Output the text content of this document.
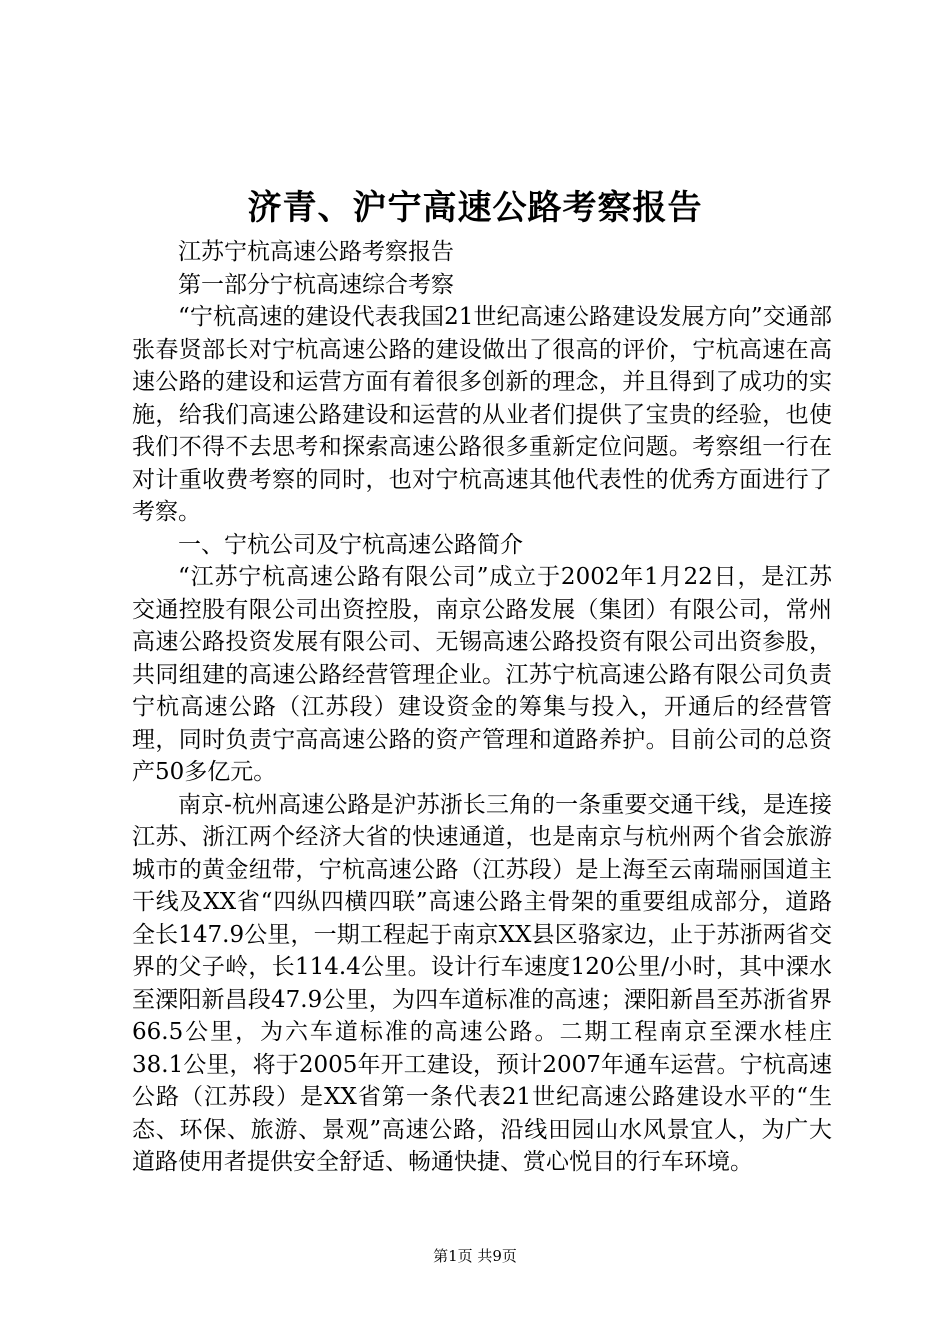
济青、沪宁高速公路考察报告

江苏宁杭高速公路考察报告

第一部分宁杭高速综合考察

“宁杭高速的建设代表我国21世纪高速公路建设发展方向”交通部张春贤部长对宁杭高速公路的建设做出了很高的评价，宁杭高速在高速公路的建设和运营方面有着很多创新的理念，并且得到了成功的实施，给我们高速公路建设和运营的从业者们提供了宝贵的经验，也使我们不得不去思考和探索高速公路很多重新定位问题。考察组一行在对计重收费考察的同时，也对宁杭高速其他代表性的优秀方面进行了考察。

一、宁杭公司及宁杭高速公路简介

“江苏宁杭高速公路有限公司”成立于2002年1月22日，是江苏交通控股有限公司出资控股，南京公路发展（集团）有限公司，常州高速公路投资发展有限公司、无锡高速公路投资有限公司出资参股，共同组建的高速公路经营管理企业。江苏宁杭高速公路有限公司负责宁杭高速公路（江苏段）建设资金的筹集与投入，开通后的经营管理，同时负责宁高高速公路的资产管理和道路养护。目前公司的总资产50多亿元。

南京-杭州高速公路是沪苏浙长三角的一条重要交通干线，是连接江苏、浙江两个经济大省的快速通道，也是南京与杭州两个省会旅游城市的黄金纽带，宁杭高速公路（江苏段）是上海至云南瑞丽国道主干线及XX省“四纵四横四联”高速公路主骨架的重要组成部分，道路全长147.9公里，一期工程起于南京XX县区骆家边，止于苏浙两省交界的父子岭，长114.4公里。设计行车速度120公里/小时，其中溧水至溧阳新昌段47.9公里，为四车道标准的高速；溧阳新昌至苏浙省界66.5公里，为六车道标准的高速公路。二期工程南京至溧水桂庄38.1公里，将于2005年开工建设，预计2007年通车运营。宁杭高速公路（江苏段）是XX省第一条代表21世纪高速公路建设水平的“生态、环保、旅游、景观”高速公路，沿线田园山水风景宜人，为广大道路使用者提供安全舒适、畅通快捷、赏心悦目的行车环境。

第1页 共9页
